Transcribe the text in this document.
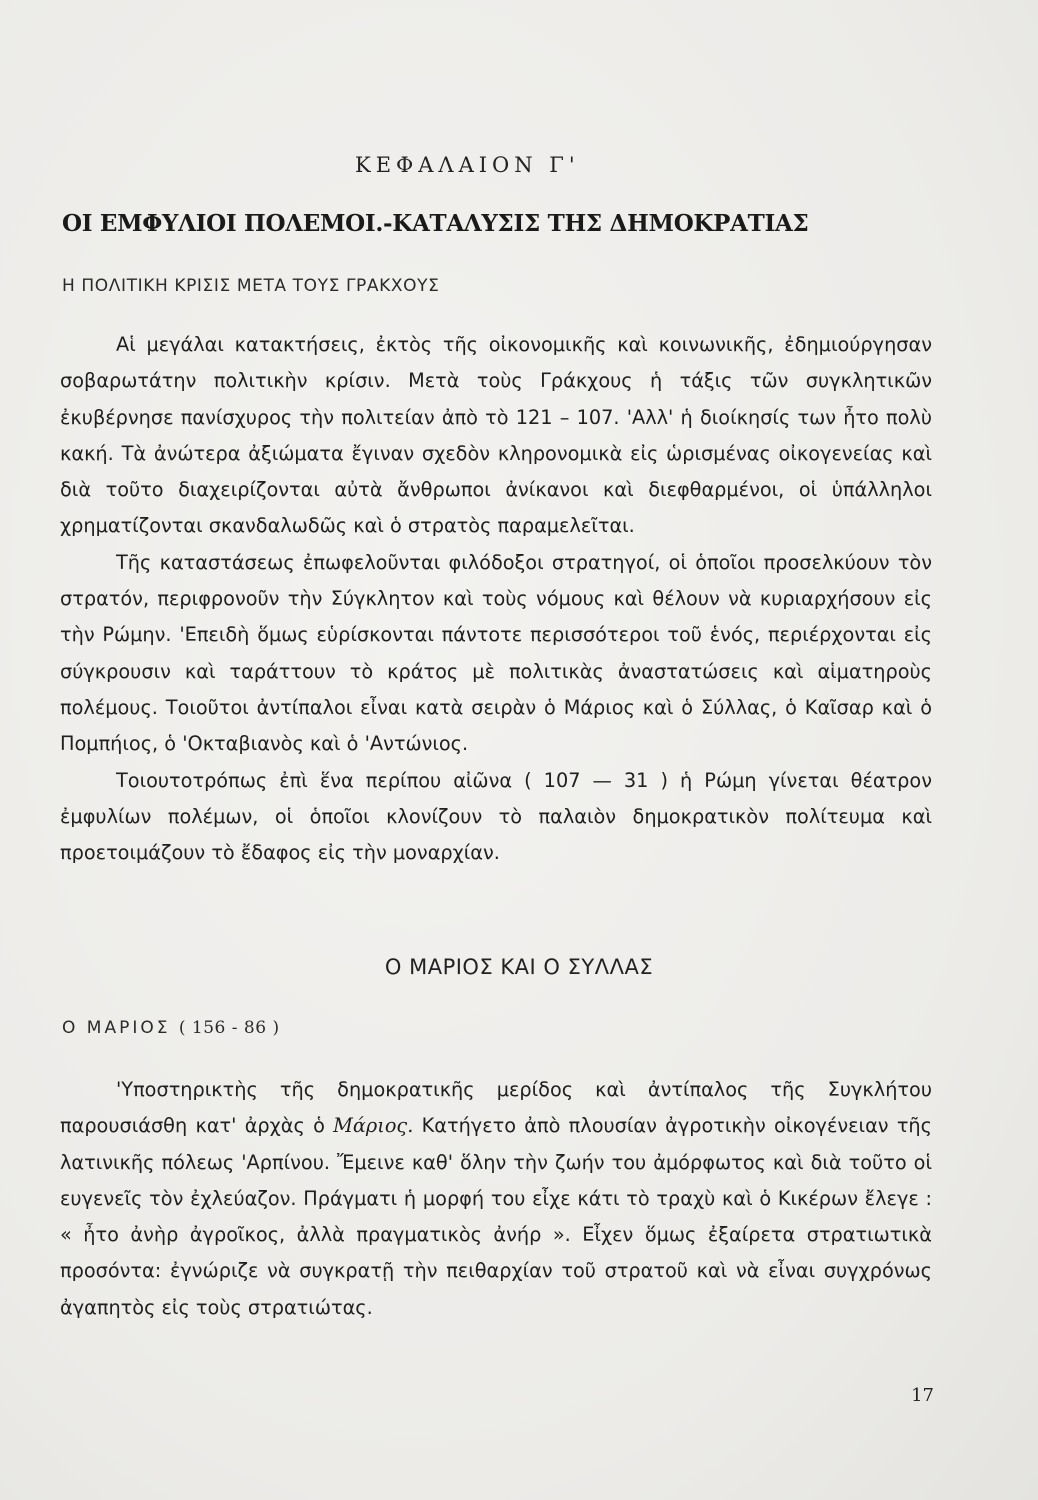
ΚΕΦΑΛΑΙΟΝ Γ'
ΟΙ ΕΜΦΥΛΙΟΙ ΠΟΛΕΜΟΙ.-ΚΑΤΑΛΥΣΙΣ ΤΗΣ ΔΗΜΟΚΡΑΤΙΑΣ
Η ΠΟΛΙΤΙΚΗ ΚΡΙΣΙΣ ΜΕΤΑ ΤΟΥΣ ΓΡΑΚΧΟΥΣ

Αἱ μεγάλαι κατακτήσεις, ἐκτὸς τῆς οἰκονομικῆς καὶ κοινωνικῆς, ἐδημιούργησαν σοβαρωτάτην πολιτικὴν κρίσιν. Μετὰ τοὺς Γράκχους ἡ τάξις τῶν συγκλητικῶν ἐκυβέρνησε πανίσχυρος τὴν πολιτείαν ἀπὸ τὸ 121 – 107. 'Αλλ' ἡ διοίκησίς των ἦτο πολὺ κακή. Τὰ ἀνώτερα ἀξιώματα ἔγιναν σχεδὸν κληρονομικὰ εἰς ὡρισμένας οἰκογενείας καὶ διὰ τοῦτο διαχειρίζονται αὐτὰ ἄνθρωποι ἀνίκανοι καὶ διεφθαρμένοι, οἱ ὑπάλληλοι χρηματίζονται σκανδαλωδῶς καὶ ὁ στρατὸς παραμελεῖται.

Τῆς καταστάσεως ἐπωφελοῦνται φιλόδοξοι στρατηγοί, οἱ ὁποῖοι προσελκύουν τὸν στρατόν, περιφρονοῦν τὴν Σύγκλητον καὶ τοὺς νόμους καὶ θέλουν νὰ κυριαρχήσουν εἰς τὴν Ρώμην. 'Επειδὴ ὅμως εὑρίσκονται πάντοτε περισσότεροι τοῦ ἑνός, περιέρχονται εἰς σύγκρουσιν καὶ ταράττουν τὸ κράτος μὲ πολιτικὰς ἀναστατώσεις καὶ αἱματηροὺς πολέμους. Τοιοῦτοι ἀντίπαλοι εἶναι κατὰ σειρὰν ὁ Μάριος καὶ ὁ Σύλλας, ὁ Καῖσαρ καὶ ὁ Πομπήιος, ὁ 'Οκταβιανὸς καὶ ὁ 'Αντώνιος.

Τοιουτοτρόπως ἐπὶ ἕνα περίπου αἰῶνα ( 107 — 31 ) ἡ Ρώμη γίνεται θέατρον ἐμφυλίων πολέμων, οἱ ὁποῖοι κλονίζουν τὸ παλαιὸν δημοκρατικὸν πολίτευμα καὶ προετοιμάζουν τὸ ἔδαφος εἰς τὴν μοναρχίαν.

Ο ΜΑΡΙΟΣ ΚΑΙ Ο ΣΥΛΛΑΣ
Ο ΜΑΡΙΟΣ ( 156 - 86 )

'Υποστηρικτὴς τῆς δημοκρατικῆς μερίδος καὶ ἀντίπαλος τῆς Συγκλήτου παρουσιάσθη κατ' ἀρχὰς ὁ Μάριος. Κατήγετο ἀπὸ πλουσίαν ἀγροτικὴν οἰκογένειαν τῆς λατινικῆς πόλεως 'Αρπίνου. Ἔμεινε καθ' ὅλην τὴν ζωήν του ἀμόρφωτος καὶ διὰ τοῦτο οἱ ευγενεῖς τὸν ἐχλεύαζον. Πράγματι ἡ μορφή του εἶχε κάτι τὸ τραχὺ καὶ ὁ Κικέρων ἔλεγε : « ἦτο ἀνὴρ ἀγροῖκος, ἀλλὰ πραγματικὸς ἀνήρ ». Εἶχεν ὅμως ἐξαίρετα στρατιωτικὰ προσόντα: ἐγνώριζε νὰ συγκρατῇ τὴν πειθαρχίαν τοῦ στρατοῦ καὶ νὰ εἶναι συγχρόνως ἀγαπητὸς εἰς τοὺς στρατιώτας.

17
